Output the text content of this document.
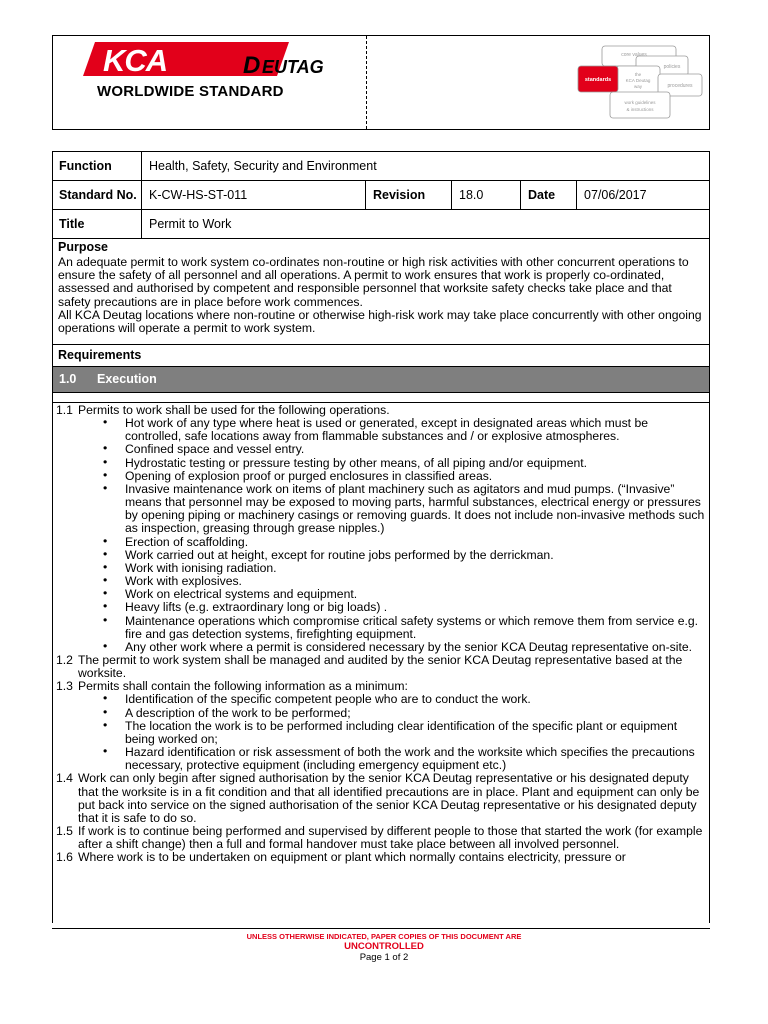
KCA	D EUTAG
WORLDWIDE STANDARD
core values
policies
standards
the
KCA Deutag
way	procedures
work guidelines
& instructions
Function	Health, Safety, Security and Environment
Standard No. K-CW-HS-ST-011	Revision	18.0	Date	07/06/2017
Title	Permit to Work
Purpose
An adequate permit to work system co-ordinates non-routine or high risk activities with other concurrent operations to ensure the safety of all personnel and all operations. A permit to work ensures that work is properly co-ordinated, assessed and authorised by competent and responsible personnel that worksite safety checks take place and that safety precautions are in place before work commences.
All KCA Deutag locations where non-routine or otherwise high-risk work may take place concurrently with other ongoing operations will operate a permit to work system.
Requirements
1.0 Execution
1.1 Permits to work shall be used for the following operations.
• Hot work of any type where heat is used or generated, except in designated areas which must be controlled, safe locations away from flammable substances and / or explosive atmospheres.
• Confined space and vessel entry.
• Hydrostatic testing or pressure testing by other means, of all piping and/or equipment.
• Opening of explosion proof or purged enclosures in classified areas.
• Invasive maintenance work on items of plant machinery such as agitators and mud pumps. (“Invasive” means that personnel may be exposed to moving parts, harmful substances, electrical energy or pressures by opening piping or machinery casings or removing guards. It does not include non-invasive methods such as inspection, greasing through grease nipples.)
• Erection of scaffolding.
• Work carried out at height, except for routine jobs performed by the derrickman.
• Work with ionising radiation.
• Work with explosives.
• Work on electrical systems and equipment.
• Heavy lifts (e.g. extraordinary long or big loads) .
• Maintenance operations which compromise critical safety systems or which remove them from service e.g. fire and gas detection systems, firefighting equipment.
• Any other work where a permit is considered necessary by the senior KCA Deutag representative on-site.
1.2 The permit to work system shall be managed and audited by the senior KCA Deutag representative based at the worksite.
1.3 Permits shall contain the following information as a minimum:
• Identification of the specific competent people who are to conduct the work.
• A description of the work to be performed;
• The location the work is to be performed including clear identification of the specific plant or equipment being worked on;
• Hazard identification or risk assessment of both the work and the worksite which specifies the precautions necessary, protective equipment (including emergency equipment etc.)
1.4 Work can only begin after signed authorisation by the senior KCA Deutag representative or his designated deputy that the worksite is in a fit condition and that all identified precautions are in place. Plant and equipment can only be put back into service on the signed authorisation of the senior KCA Deutag representative or his designated deputy that it is safe to do so.
1.5 If work is to continue being performed and supervised by different people to those that started the work (for example after a shift change) then a full and formal handover must take place between all involved personnel.
1.6 Where work is to be undertaken on equipment or plant which normally contains electricity, pressure or
UNLESS OTHERWISE INDICATED, PAPER COPIES OF THIS DOCUMENT ARE
UNCONTROLLED
Page 1 of 2
